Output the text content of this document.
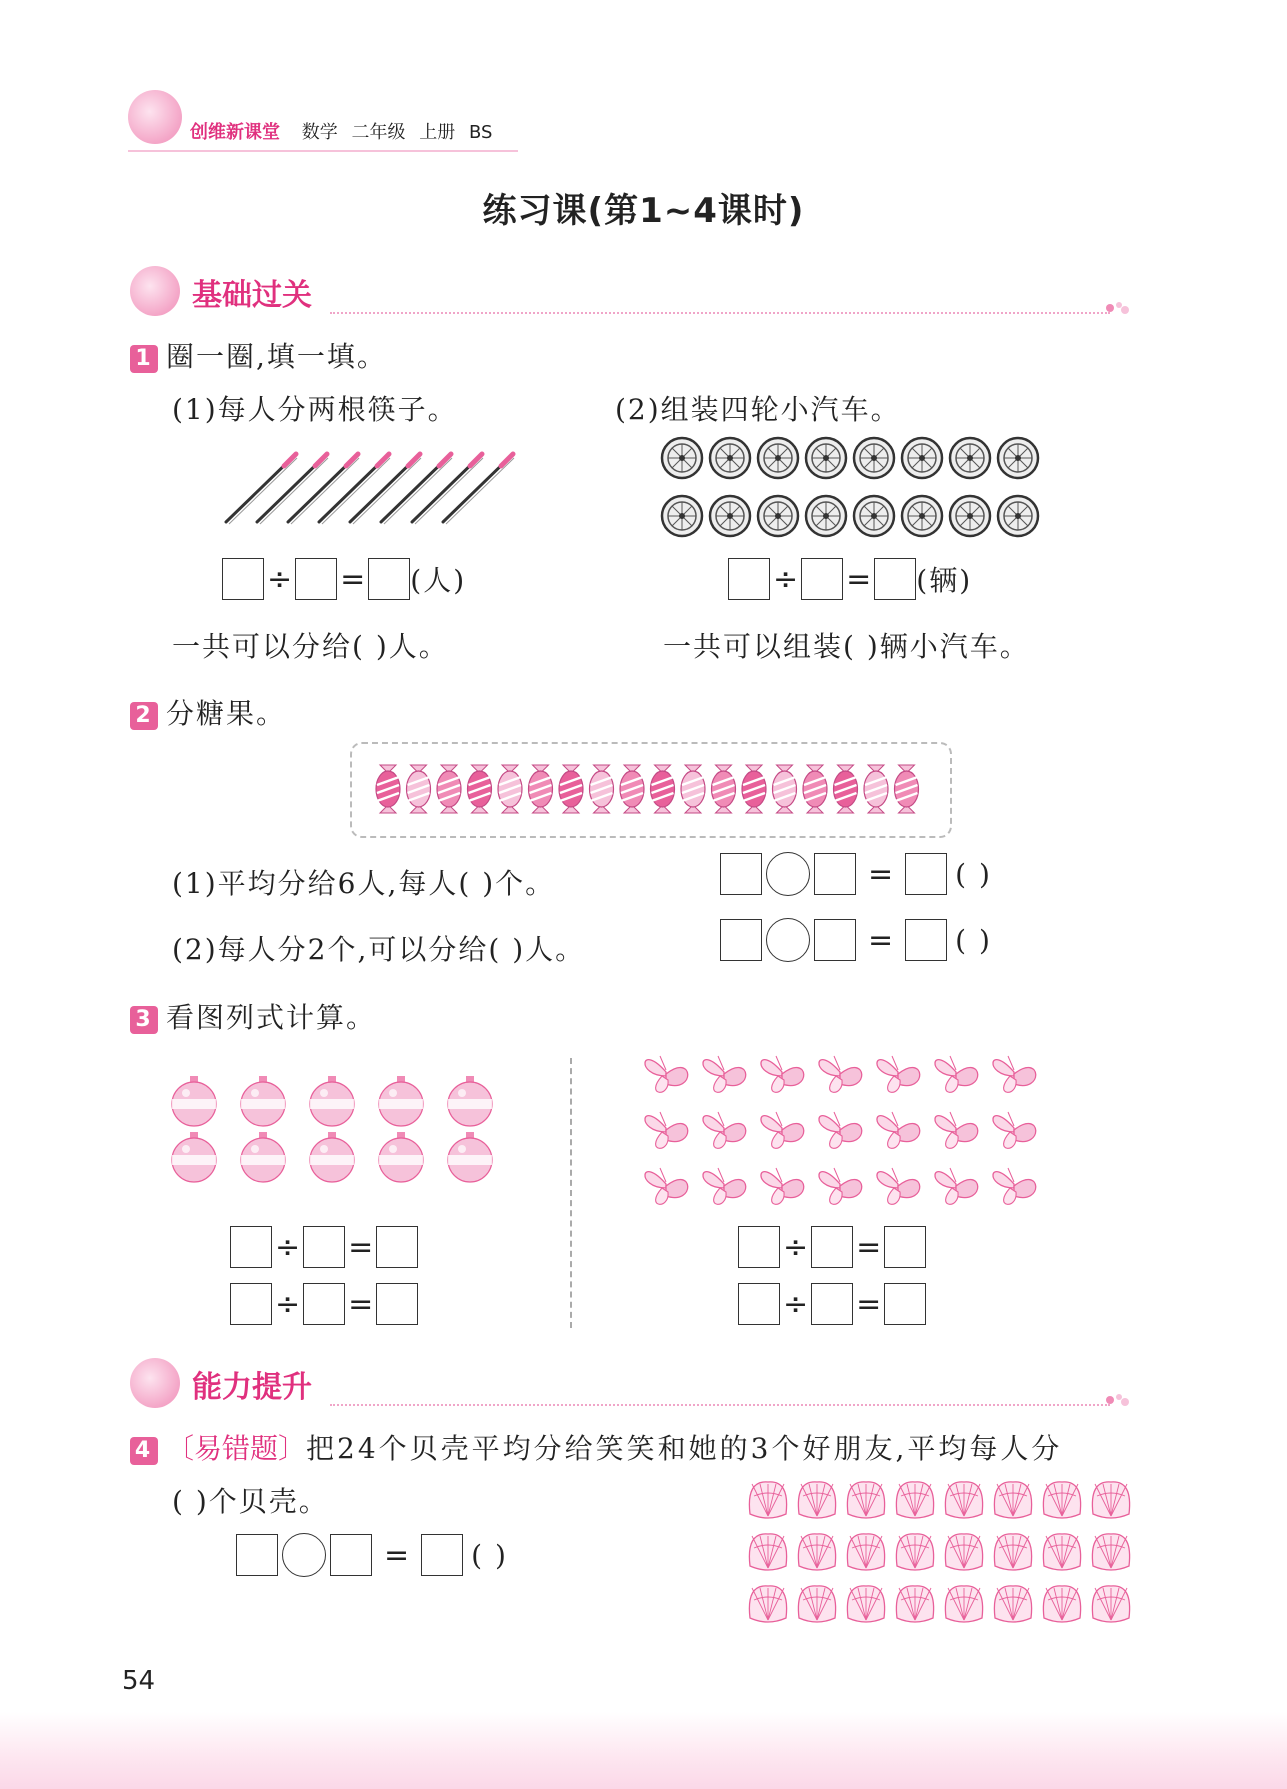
创维新课堂 数学 二年级 上册 BS
练习课(第1~4课时)
基础过关
1 圈一圈,填一填。
(1)每人分两根筷子。	(2)组装四轮小汽车。
÷ = (人)	÷ = (辆)
一共可以分给( )人。	一共可以组装( )辆小汽车。
2 分糖果。
(1)平均分给6人,每人( )个。	= ( )
(2)每人分2个,可以分给( )人。	= ( )
3 看图列式计算。
÷ =
÷ =
÷ =
÷ =
能力提升
4 〔易错题〕把24个贝壳平均分给笑笑和她的3个好朋友,平均每人分
( )个贝壳。
= ( )
54
